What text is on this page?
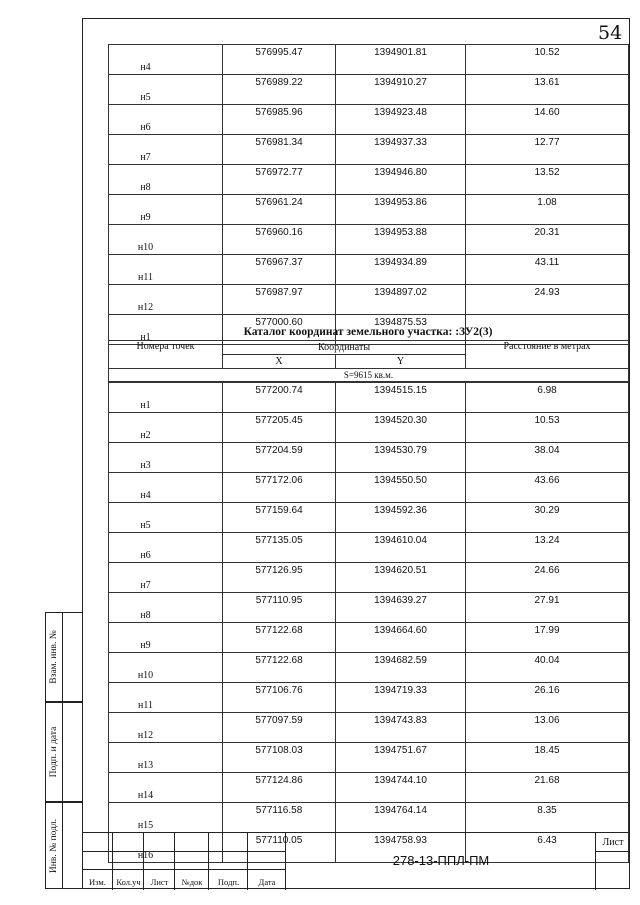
54
н4	576995.47	1394901.81	10.52
н5	576989.22	1394910.27	13.61
н6	576985.96	1394923.48	14.60
н7	576981.34	1394937.33	12.77
н8	576972.77	1394946.80	13.52
н9	576961.24	1394953.86	1.08
н10	576960.16	1394953.88	20.31
н11	576967.37	1394934.89	43.11
н12	576987.97	1394897.02	24.93
н1	577000.60	1394875.53	
Каталог координат земельного участка: :ЗУ2(3)
Номера точек	Координаты		Расстояние в метрах
	X	Y	
S=9615 кв.м.			
н1	577200.74	1394515.15	6.98
н2	577205.45	1394520.30	10.53
н3	577204.59	1394530.79	38.04
н4	577172.06	1394550.50	43.66
н5	577159.64	1394592.36	30.29
н6	577135.05	1394610.04	13.24
н7	577126.95	1394620.51	24.66
н8	577110.95	1394639.27	27.91
н9	577122.68	1394664.60	17.99
н10	577122.68	1394682.59	40.04
н11	577106.76	1394719.33	26.16
н12	577097.59	1394743.83	13.06
н13	577108.03	1394751.67	18.45
н14	577124.86	1394744.10	21.68
н15	577116.58	1394764.14	8.35
н16	577110.05	1394758.93	6.43
Взам. инв. №
Подп. и дата
Инв. № подл.
Изм.	Кол.уч	Лист	№док	Подп.	Дата
278-13-ППЛ-ПМ
Лист
